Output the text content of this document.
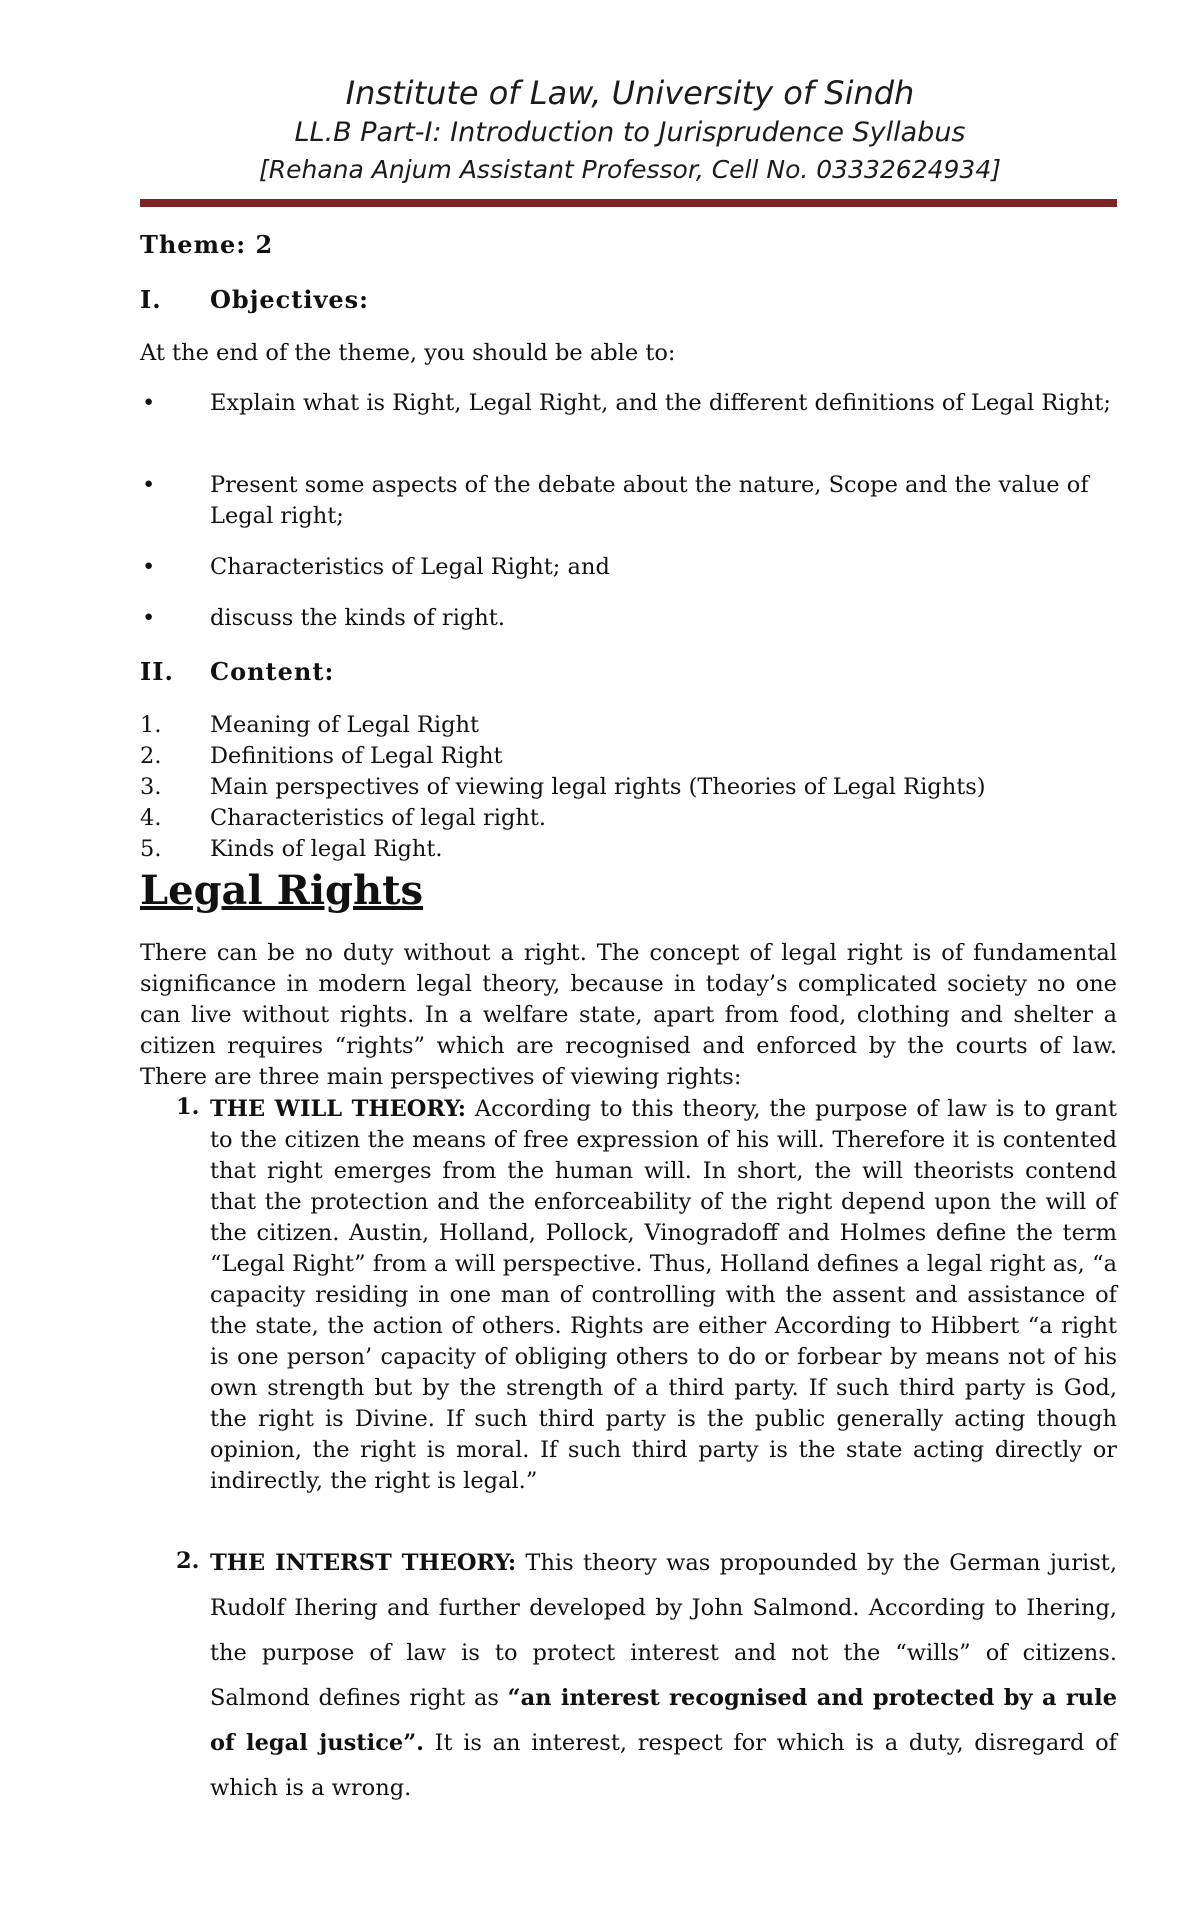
Institute of Law, University of Sindh
LL.B Part-I: Introduction to Jurisprudence Syllabus
[Rehana Anjum Assistant Professor, Cell No. 03332624934]
Theme: 2
I. Objectives:
At the end of the theme, you should be able to:
•	Explain what is Right, Legal Right, and the different definitions of Legal Right;
•	Present some aspects of the debate about the nature, Scope and the value of Legal right;
•	Characteristics of Legal Right; and
•	discuss the kinds of right.
II. Content:
1. Meaning of Legal Right
2. Definitions of Legal Right
3. Main perspectives of viewing legal rights (Theories of Legal Rights)
4. Characteristics of legal right.
5. Kinds of legal Right.
Legal Rights
There can be no duty without a right. The concept of legal right is of fundamental significance in modern legal theory, because in today’s complicated society no one can live without rights. In a welfare state, apart from food, clothing and shelter a citizen requires “rights” which are recognised and enforced by the courts of law. There are three main perspectives of viewing rights:
1. THE WILL THEORY: According to this theory, the purpose of law is to grant to the citizen the means of free expression of his will. Therefore it is contented that right emerges from the human will. In short, the will theorists contend that the protection and the enforceability of the right depend upon the will of the citizen. Austin, Holland, Pollock, Vinogradoff and Holmes define the term “Legal Right” from a will perspective. Thus, Holland defines a legal right as, “a capacity residing in one man of controlling with the assent and assistance of the state, the action of others. Rights are either According to Hibbert “a right is one person’ capacity of obliging others to do or forbear by means not of his own strength but by the strength of a third party. If such third party is God, the right is Divine. If such third party is the public generally acting though opinion, the right is moral. If such third party is the state acting directly or indirectly, the right is legal.”
2. THE INTERST THEORY: This theory was propounded by the German jurist, Rudolf Ihering and further developed by John Salmond. According to Ihering, the purpose of law is to protect interest and not the “wills” of citizens. Salmond defines right as “an interest recognised and protected by a rule of legal justice”. It is an interest, respect for which is a duty, disregard of which is a wrong.
